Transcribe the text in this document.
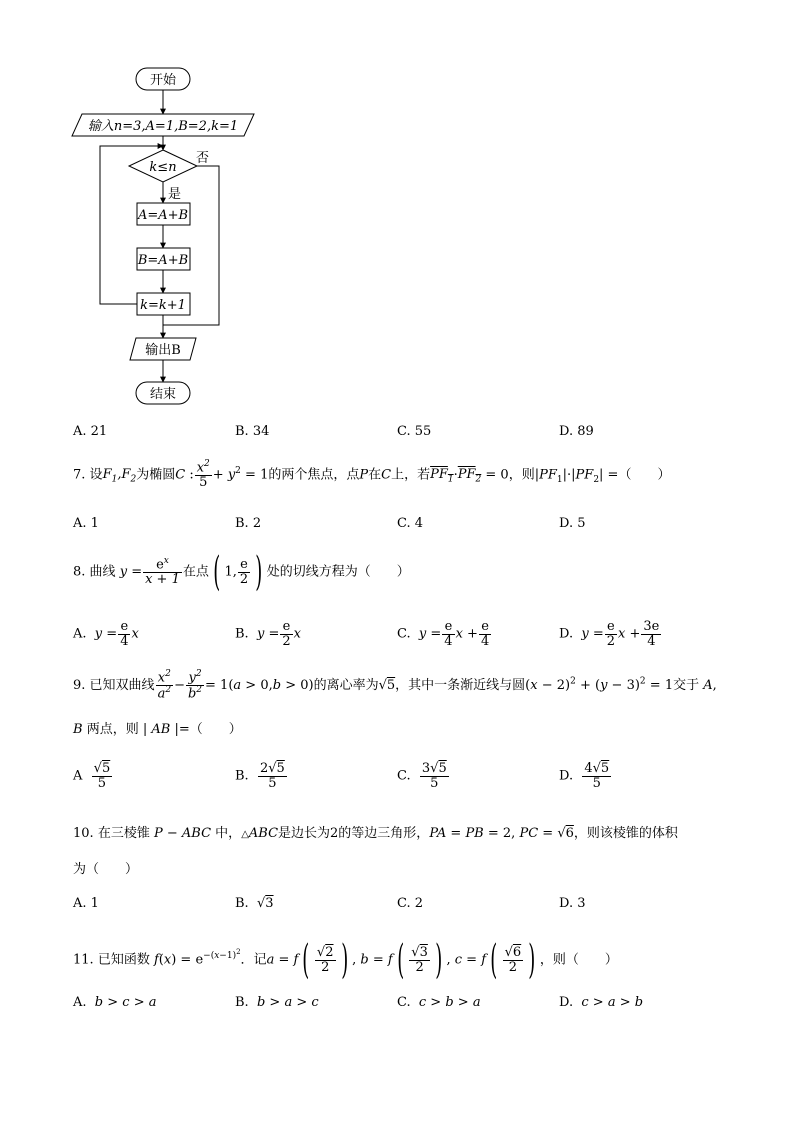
开始
输入n=3,A=1,B=2,k=1
k≤n
否
是
A=A+B
B=A+B
k=k+1
输出B
结束
A. 21	B. 34	C. 55	D. 89
7. 设$F_1,F_2$为椭圆C : $\frac{x^2}{5} + y^2 = 1$的两个焦点，点P在C上，若$PF_1\cdot PF_2 = 0$，则$|PF_1|\cdot|PF_2|$ =（　　）
A. 1	B. 2	C. 4	D. 5
8. 曲线 $y = \frac{e^x}{x + 1}$ 在点 ( 1, $\frac{e}{2}$ ) 处的切线方程为（　　）
A. $y = \frac{e}{4}$ x	B. $y = \frac{e}{2}$ x	C. $y = \frac{e}{4}$ $x + \frac{e}{4}$	D. $y = \frac{e}{2}$ $x + \frac{3e}{4}$
9. 已知双曲线 $\frac{x^2}{a^2} - \frac{y^2}{b^2} = 1(a > 0,b > 0)$的离心率为√5，其中一条渐近线与圆$(x - 2)^2 + (y - 3)^2 = 1$交于 A,
B 两点，则 | AB |=（　　）
A $\frac{√5}{5}$	B. $\frac{2√5}{5}$	C. $\frac{3√5}{5}$	D. $\frac{4√5}{5}$
10. 在三棱锥 P − ABC 中，△ABC是边长为2的等边三角形，PA = PB = 2, PC = √6，则该棱锥的体积
为（　　）
A. 1	B.  √3	C. 2	D. 3
11. 已知函数 $f(x) = e^{-(x-1)^2}$．记a = f ( $\frac{√2}{2}$ ) , b = f ( $\frac{√3}{2}$ ) , c = f ( $\frac{√6}{2}$ ) ，则（　　）
A. b > c > a	B. b > a > c	C. c > b > a	D. c > a > b
